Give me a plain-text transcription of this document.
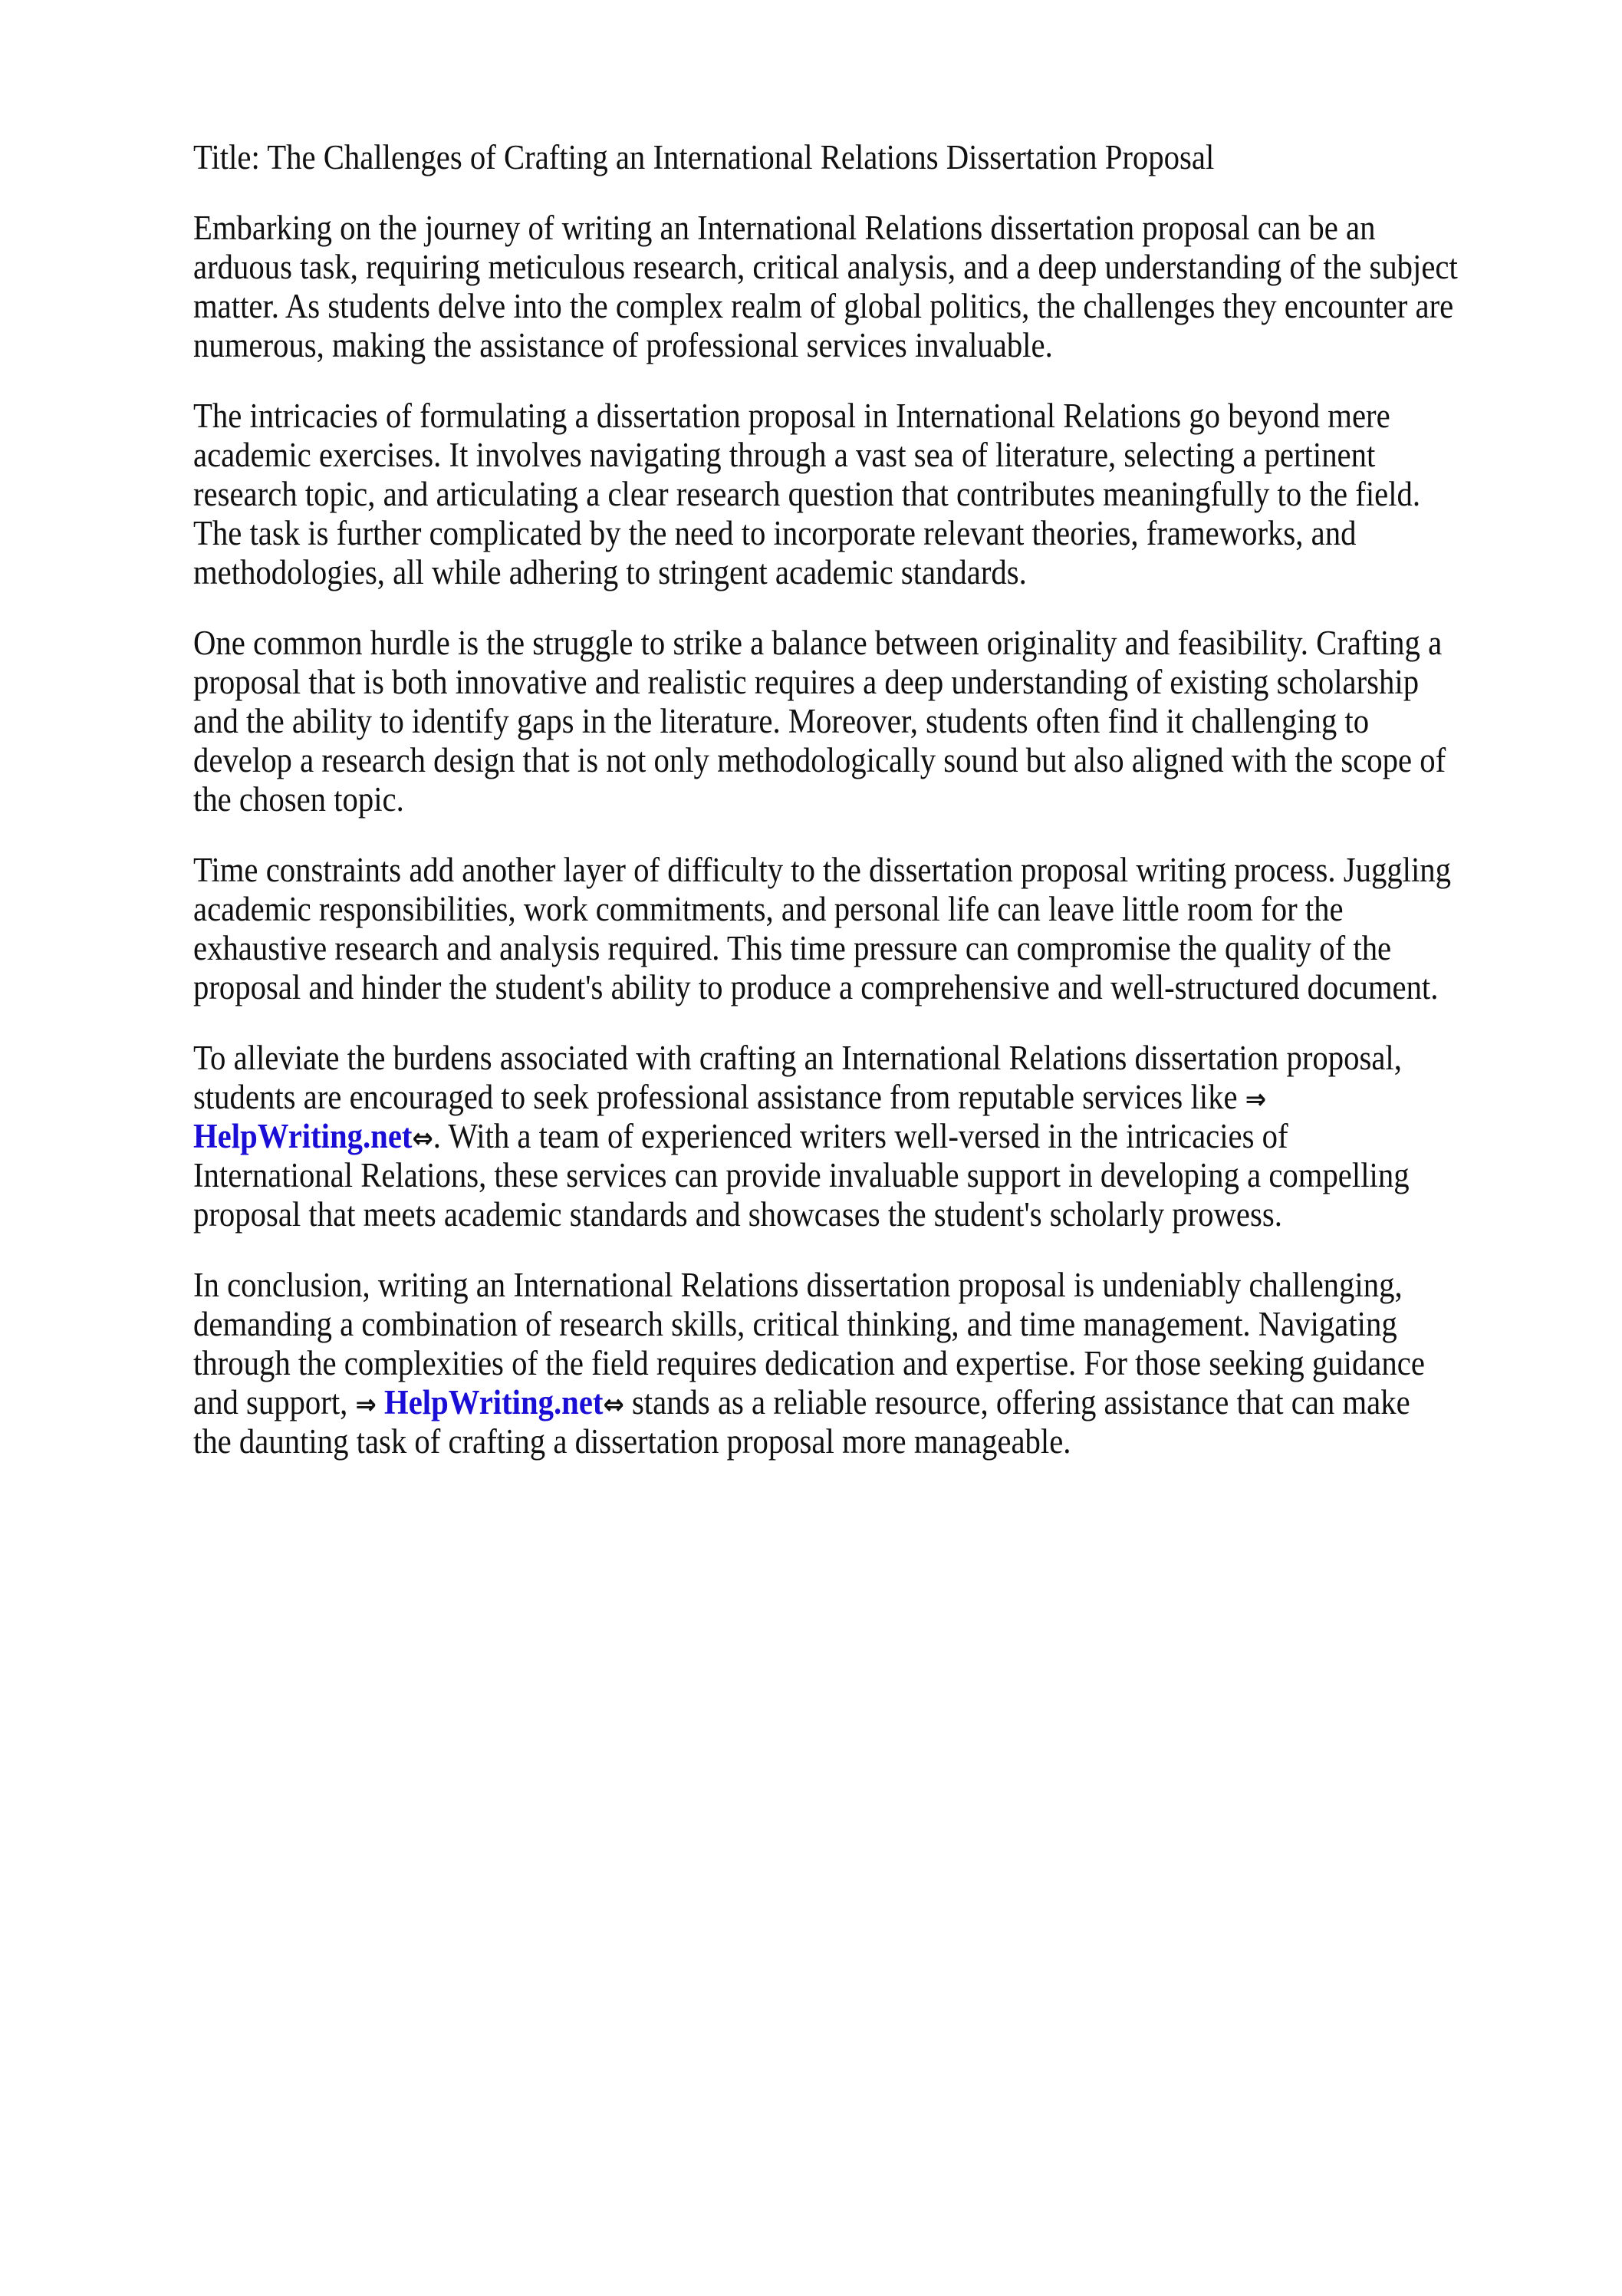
Title: The Challenges of Crafting an International Relations Dissertation Proposal
Embarking on the journey of writing an International Relations dissertation proposal can be an
arduous task, requiring meticulous research, critical analysis, and a deep understanding of the subject
matter. As students delve into the complex realm of global politics, the challenges they encounter are
numerous, making the assistance of professional services invaluable.
The intricacies of formulating a dissertation proposal in International Relations go beyond mere
academic exercises. It involves navigating through a vast sea of literature, selecting a pertinent
research topic, and articulating a clear research question that contributes meaningfully to the field.
The task is further complicated by the need to incorporate relevant theories, frameworks, and
methodologies, all while adhering to stringent academic standards.
One common hurdle is the struggle to strike a balance between originality and feasibility. Crafting a
proposal that is both innovative and realistic requires a deep understanding of existing scholarship
and the ability to identify gaps in the literature. Moreover, students often find it challenging to
develop a research design that is not only methodologically sound but also aligned with the scope of
the chosen topic.
Time constraints add another layer of difficulty to the dissertation proposal writing process. Juggling
academic responsibilities, work commitments, and personal life can leave little room for the
exhaustive research and analysis required. This time pressure can compromise the quality of the
proposal and hinder the student's ability to produce a comprehensive and well-structured document.
To alleviate the burdens associated with crafting an International Relations dissertation proposal,
students are encouraged to seek professional assistance from reputable services like ⇒
HelpWriting.net⇔. With a team of experienced writers well-versed in the intricacies of
International Relations, these services can provide invaluable support in developing a compelling
proposal that meets academic standards and showcases the student's scholarly prowess.
In conclusion, writing an International Relations dissertation proposal is undeniably challenging,
demanding a combination of research skills, critical thinking, and time management. Navigating
through the complexities of the field requires dedication and expertise. For those seeking guidance
and support, ⇒ HelpWriting.net⇔ stands as a reliable resource, offering assistance that can make
the daunting task of crafting a dissertation proposal more manageable.
